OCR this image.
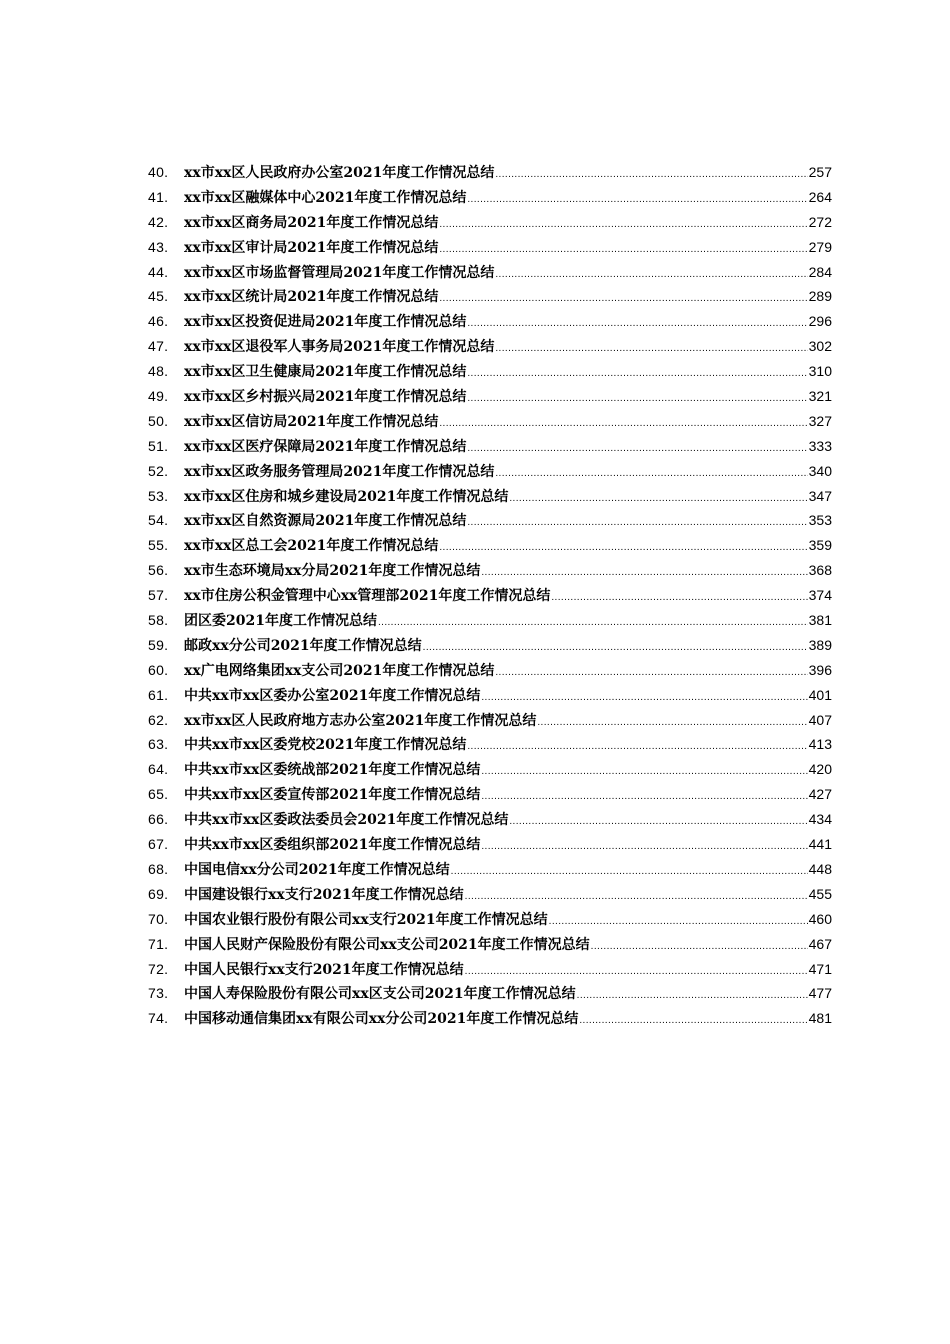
40.	xx市xx区人民政府办公室2021年度工作情况总结 .....	257
41.	xx市xx区融媒体中心2021年度工作情况总结 .....	264
42.	xx市xx区商务局2021年度工作情况总结 .....	272
43.	xx市xx区审计局2021年度工作情况总结 .....	279
44.	xx市xx区市场监督管理局2021年度工作情况总结 .....	284
45.	xx市xx区统计局2021年度工作情况总结 .....	289
46.	xx市xx区投资促进局2021年度工作情况总结 .....	296
47.	xx市xx区退役军人事务局2021年度工作情况总结 .....	302
48.	xx市xx区卫生健康局2021年度工作情况总结 .....	310
49.	xx市xx区乡村振兴局2021年度工作情况总结 .....	321
50.	xx市xx区信访局2021年度工作情况总结 .....	327
51.	xx市xx区医疗保障局2021年度工作情况总结 .....	333
52.	xx市xx区政务服务管理局2021年度工作情况总结 .....	340
53.	xx市xx区住房和城乡建设局2021年度工作情况总结 .....	347
54.	xx市xx区自然资源局2021年度工作情况总结 .....	353
55.	xx市xx区总工会2021年度工作情况总结 .....	359
56.	xx市生态环境局xx分局2021年度工作情况总结 .....	368
57.	xx市住房公积金管理中心xx管理部2021年度工作情况总结 .....	374
58.	团区委2021年度工作情况总结 .....	381
59.	邮政xx分公司2021年度工作情况总结 .....	389
60.	xx广电网络集团xx支公司2021年度工作情况总结 .....	396
61.	中共xx市xx区委办公室2021年度工作情况总结 .....	401
62.	xx市xx区人民政府地方志办公室2021年度工作情况总结 .....	407
63.	中共xx市xx区委党校2021年度工作情况总结 .....	413
64.	中共xx市xx区委统战部2021年度工作情况总结 .....	420
65.	中共xx市xx区委宣传部2021年度工作情况总结 .....	427
66.	中共xx市xx区委政法委员会2021年度工作情况总结 .....	434
67.	中共xx市xx区委组织部2021年度工作情况总结 .....	441
68.	中国电信xx分公司2021年度工作情况总结 .....	448
69.	中国建设银行xx支行2021年度工作情况总结 .....	455
70.	中国农业银行股份有限公司xx支行2021年度工作情况总结 .....	460
71.	中国人民财产保险股份有限公司xx支公司2021年度工作情况总结 .....	467
72.	中国人民银行xx支行2021年度工作情况总结 .....	471
73.	中国人寿保险股份有限公司xx区支公司2021年度工作情况总结 .....	477
74.	中国移动通信集团xx有限公司xx分公司2021年度工作情况总结 .....	481
